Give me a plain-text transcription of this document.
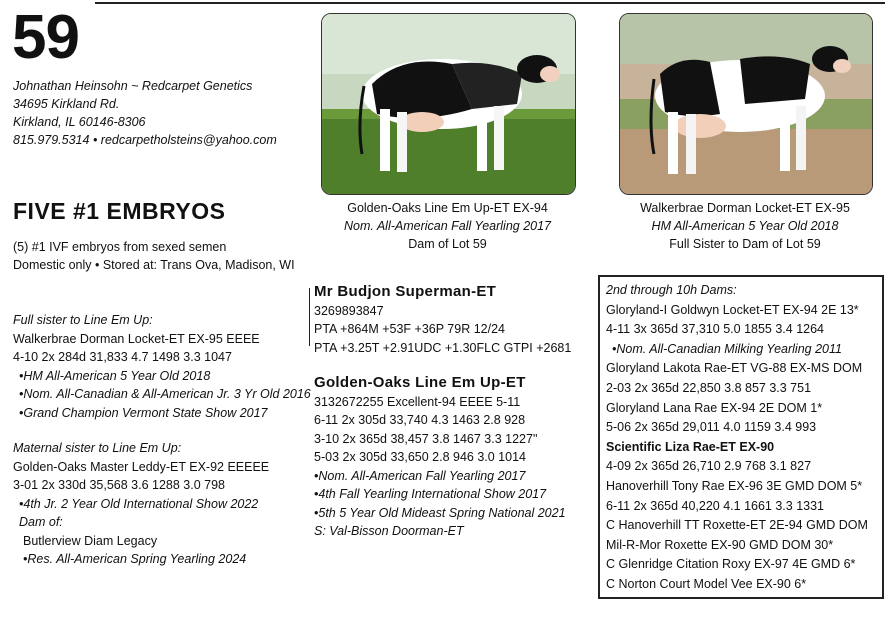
59
Johnathan Heinsohn ~ Redcarpet Genetics
34695 Kirkland Rd.
Kirkland, IL 60146-8306
815.979.5314 • redcarpetholsteins@yahoo.com
FIVE #1 EMBRYOS
(5) #1 IVF embryos from sexed semen
Domestic only • Stored at: Trans Ova, Madison, WI
Full sister to Line Em Up:
Walkerbrae Dorman Locket-ET EX-95 EEEE
4-10 2x 284d 31,833 4.7 1498 3.3 1047
•HM All-American 5 Year Old 2018
•Nom. All-Canadian & All-American Jr. 3 Yr Old 2016
•Grand Champion Vermont State Show 2017
Maternal sister to Line Em Up:
Golden-Oaks Master Leddy-ET EX-92 EEEEE
3-01 2x 330d 35,568 3.6 1288 3.0 798
•4th Jr. 2 Year Old International Show 2022
Dam of:
Butlerview Diam Legacy
•Res. All-American Spring Yearling 2024
Golden-Oaks Line Em Up-ET EX-94
Nom. All-American Fall Yearling 2017
Dam of Lot 59
Walkerbrae Dorman Locket-ET EX-95
HM All-American 5 Year Old 2018
Full Sister to Dam of Lot 59
Mr Budjon Superman-ET
3269893847
PTA +864M +53F +36P 79R 12/24
PTA +3.25T +2.91UDC +1.30FLC GTPI +2681
Golden-Oaks Line Em Up-ET
3132672255 Excellent-94 EEEE 5-11
6-11 2x 305d 33,740 4.3 1463 2.8 928
3-10 2x 365d 38,457 3.8 1467 3.3 1227"
5-03 2x 305d 33,650 2.8 946 3.0 1014
•Nom. All-American Fall Yearling 2017
•4th Fall Yearling International Show 2017
•5th 5 Year Old Mideast Spring National 2021
S: Val-Bisson Doorman-ET
2nd through 10h Dams:
Gloryland-I Goldwyn Locket-ET EX-94 2E 13*
4-11 3x 365d 37,310 5.0 1855 3.4 1264
•Nom. All-Canadian Milking Yearling 2011
Gloryland Lakota Rae-ET VG-88 EX-MS DOM
2-03 2x 365d 22,850 3.8 857 3.3 751
Gloryland Lana Rae EX-94 2E DOM 1*
5-06 2x 365d 29,011 4.0 1159 3.4 993
Scientific Liza Rae-ET EX-90
4-09 2x 365d 26,710 2.9 768 3.1 827
Hanoverhill Tony Rae EX-96 3E GMD DOM 5*
6-11 2x 365d 40,220 4.1 1661 3.3 1331
C Hanoverhill TT Roxette-ET 2E-94 GMD DOM
Mil-R-Mor Roxette EX-90 GMD DOM 30*
C Glenridge Citation Roxy EX-97 4E GMD 6*
C Norton Court Model Vee EX-90 6*
